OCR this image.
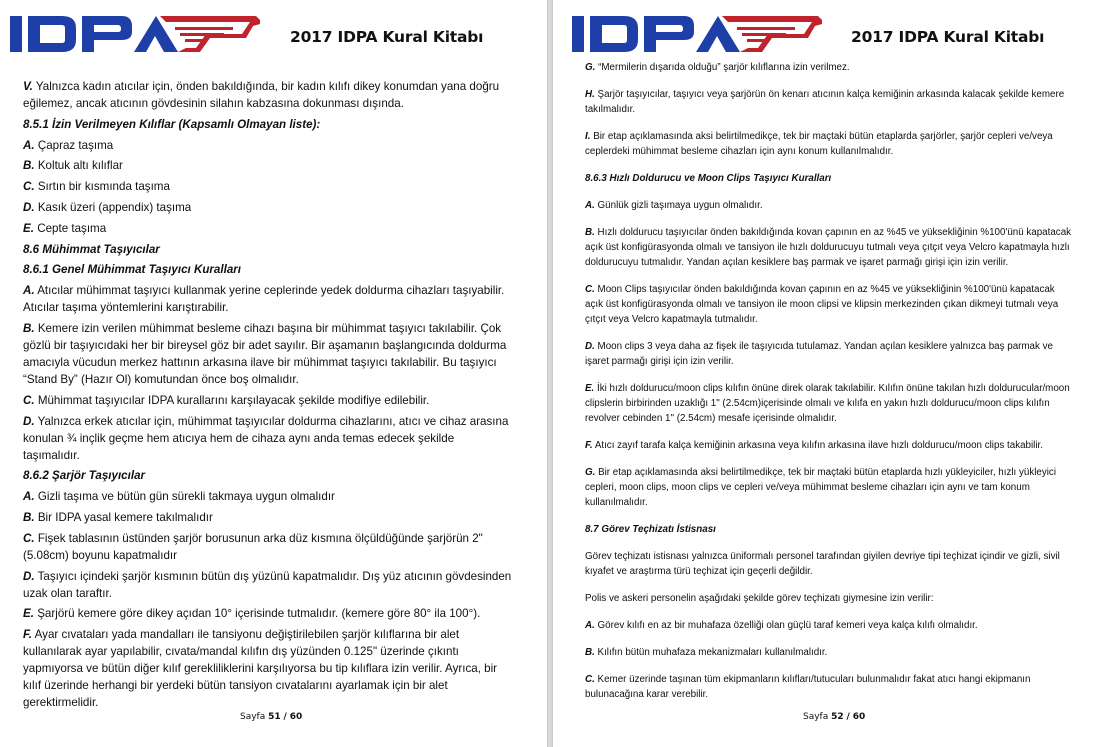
2017 IDPA Kural Kitabı

V. Yalnızca kadın atıcılar için, önden bakıldığında, bir kadın kılıfı dikey konumdan yana doğru eğilemez, ancak atıcının gövdesinin silahın kabzasına dokunması dışında.

8.5.1 İzin Verilmeyen Kılıflar (Kapsamlı Olmayan liste):

A. Çapraz taşıma

B. Koltuk altı kılıflar

C. Sırtın bir kısmında taşıma

D. Kasık üzeri (appendix) taşıma

E. Cepte taşıma

8.6 Mühimmat Taşıyıcılar

8.6.1 Genel Mühimmat Taşıyıcı Kuralları

A. Atıcılar mühimmat taşıyıcı kullanmak yerine ceplerinde yedek doldurma cihazları taşıyabilir. Atıcılar taşıma yöntemlerini karıştırabilir.

B. Kemere izin verilen mühimmat besleme cihazı başına bir mühimmat taşıyıcı takılabilir. Çok gözlü bir taşıyıcıdaki her bir bireysel göz bir adet sayılır. Bir aşamanın başlangıcında doldurma amacıyla vücudun merkez hattının arkasına ilave bir mühimmat taşıyıcı takılabilir. Bu taşıyıcı “Stand By” (Hazır Ol) komutundan önce boş olmalıdır.

C. Mühimmat taşıyıcılar IDPA kurallarını karşılayacak şekilde modifiye edilebilir.

D. Yalnızca erkek atıcılar için, mühimmat taşıyıcılar doldurma cihazlarını, atıcı ve cihaz arasına konulan ¾ inçlik geçme hem atıcıya hem de cihaza aynı anda temas edecek şekilde taşımalıdır.

8.6.2 Şarjör Taşıyıcılar

A. Gizli taşıma ve bütün gün sürekli takmaya uygun olmalıdır

B. Bir IDPA yasal kemere takılmalıdır

C. Fişek tablasının üstünden şarjör borusunun arka düz kısmına ölçüldüğünde şarjörün 2" (5.08cm) boyunu kapatmalıdır

D. Taşıyıcı içindeki şarjör kısmının bütün dış yüzünü kapatmalıdır. Dış yüz atıcının gövdesinden uzak olan taraftır.

E. Şarjörü kemere göre dikey açıdan 10° içerisinde tutmalıdır. (kemere göre 80° ila 100°).

F. Ayar cıvataları yada mandalları ile tansiyonu değiştirilebilen şarjör kılıflarına bir alet kullanılarak ayar yapılabilir, cıvata/mandal kılıfın dış yüzünden 0.125" üzerinde çıkıntı yapmıyorsa ve bütün diğer kılıf gerekliliklerini karşılıyorsa bu tip kılıflara izin verilir. Ayrıca, bir kılıf üzerinde herhangi bir yerdeki bütün tansiyon cıvatalarını ayarlamak için bir alet gerektirmelidir.

Sayfa 51 / 60
2017 IDPA Kural Kitabı

G. “Mermilerin dışarıda olduğu” şarjör kılıflarına izin verilmez.

H. Şarjör taşıyıcılar, taşıyıcı veya şarjörün ön kenarı atıcının kalça kemiğinin arkasında kalacak şekilde kemere takılmalıdır.

I. Bir etap açıklamasında aksi belirtilmedikçe, tek bir maçtaki bütün etaplarda şarjörler, şarjör cepleri ve/veya ceplerdeki mühimmat besleme cihazları için aynı konum kullanılmalıdır.

8.6.3 Hızlı Doldurucu ve Moon Clips Taşıyıcı Kuralları

A. Günlük gizli taşımaya uygun olmalıdır.

B. Hızlı doldurucu taşıyıcılar önden bakıldığında kovan çapının en az %45 ve yüksekliğinin %100'ünü kapatacak açık üst konfigürasyonda olmalı ve tansiyon ile hızlı doldurucuyu tutmalı veya çıtçıt veya Velcro kapatmayla hızlı doldurucuyu tutmalıdır. Yandan açılan kesiklere baş parmak ve işaret parmağı girişi için izin verilir.

C. Moon Clips taşıyıcılar önden bakıldığında kovan çapının en az %45 ve yüksekliğinin %100'ünü kapatacak açık üst konfigürasyonda olmalı ve tansiyon ile moon clipsi ve klipsin merkezinden çıkan dikmeyi tutmalı veya çıtçıt veya Velcro kapatmayla tutmalıdır.

D. Moon clips 3 veya daha az fişek ile taşıyıcıda tutulamaz. Yandan açılan kesiklere yalnızca baş parmak ve işaret parmağı girişi için izin verilir.

E. İki hızlı doldurucu/moon clips kılıfın önüne direk olarak takılabilir. Kılıfın önüne takılan hızlı doldurucular/moon clipslerin birbirinden uzaklığı 1" (2.54cm)içerisinde olmalı ve kılıfa en yakın hızlı doldurucu/moon clips kılıfın revolver cebinden 1" (2.54cm) mesafe içerisinde olmalıdır.

F. Atıcı zayıf tarafa kalça kemiğinin arkasına veya kılıfın arkasına ilave hızlı doldurucu/moon clips takabilir.

G. Bir etap açıklamasında aksi belirtilmedikçe, tek bir maçtaki bütün etaplarda hızlı yükleyiciler, hızlı yükleyici cepleri, moon clips, moon clips ve cepleri ve/veya mühimmat besleme cihazları için aynı ve tam konum kullanılmalıdır.

8.7 Görev Teçhizatı İstisnası

Görev teçhizatı istisnası yalnızca üniformalı personel tarafından giyilen devriye tipi teçhizat içindir ve gizli, sivil kıyafet ve araştırma türü teçhizat için geçerli değildir.

Polis ve askeri personelin aşağıdaki şekilde görev teçhizatı giymesine izin verilir:

A. Görev kılıfı en az bir muhafaza özelliği olan güçlü taraf kemeri veya kalça kılıfı olmalıdır.

B. Kılıfın bütün muhafaza mekanizmaları kullanılmalıdır.

C. Kemer üzerinde taşınan tüm ekipmanların kılıfları/tutucuları bulunmalıdır fakat atıcı hangi ekipmanın bulunacağına karar verebilir.

Sayfa 52 / 60
